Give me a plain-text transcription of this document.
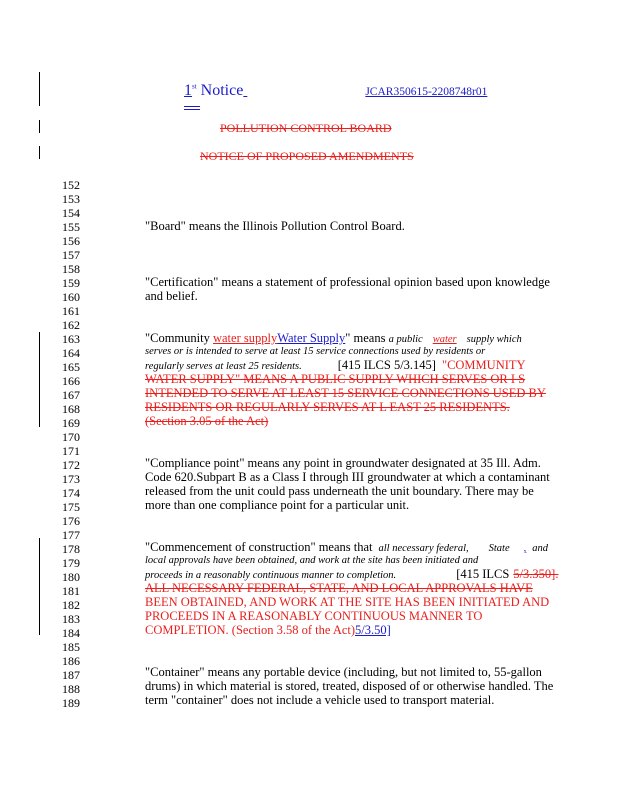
1st Notice	JCAR350615-2208748r01
POLLUTION CONTROL BOARD
NOTICE OF PROPOSED AMENDMENTS
152
153
154
155
156
157
158
159
160
161
162
163
164
165
166
167
168
169
170
171
172
173
174
175
176
177
178
179
180
181
182
183
184
185
186
187
188
189
"Board" means the Illinois Pollution Control Board.
"Certification" means a statement of professional opinion based upon knowledge
and belief.
"Community water supplyWater Supply" means a public water supply which
serves or is intended to serve at least 15 service connections used by residents or
regularly serves at least 25 residents.	[415 ILCS 5/3.145] "COMMUNITY
WATER SUPPLY" MEANS A PUBLIC SUPPLY WHICH SERVES OR I S
INTENDED TO SERVE AT LEAST 15 SERVICE CONNECTIONS USED BY
RESIDENTS OR REGULARLY SERVES AT L EAST 25 RESIDENTS.
(Section 3.05 of the Act)
"Compliance point" means any point in groundwater designated at 35 Ill. Adm.
Code 620.Subpart B as a Class I through III groundwater at which a contaminant
released from the unit could pass underneath the unit boundary. There may be
more than one compliance point for a particular unit.
"Commencement of construction" means that all necessary federal, State , and
local approvals have been obtained, and work at the site has been initiated and
proceeds in a reasonably continuous manner to completion.	[415 ILCS 5/3.350].
ALL NECESSARY FEDERAL, STATE, AND LOCAL APPROVALS HAVE
BEEN OBTAINED, AND WORK AT THE SITE HAS BEEN INITIATED AND
PROCEEDS IN A REASONABLY CONTINUOUS MANNER TO
COMPLETION. (Section 3.58 of the Act)5/3.50]
"Container" means any portable device (including, but not limited to, 55-gallon
drums) in which material is stored, treated, disposed of or otherwise handled. The
term "container" does not include a vehicle used to transport material.
